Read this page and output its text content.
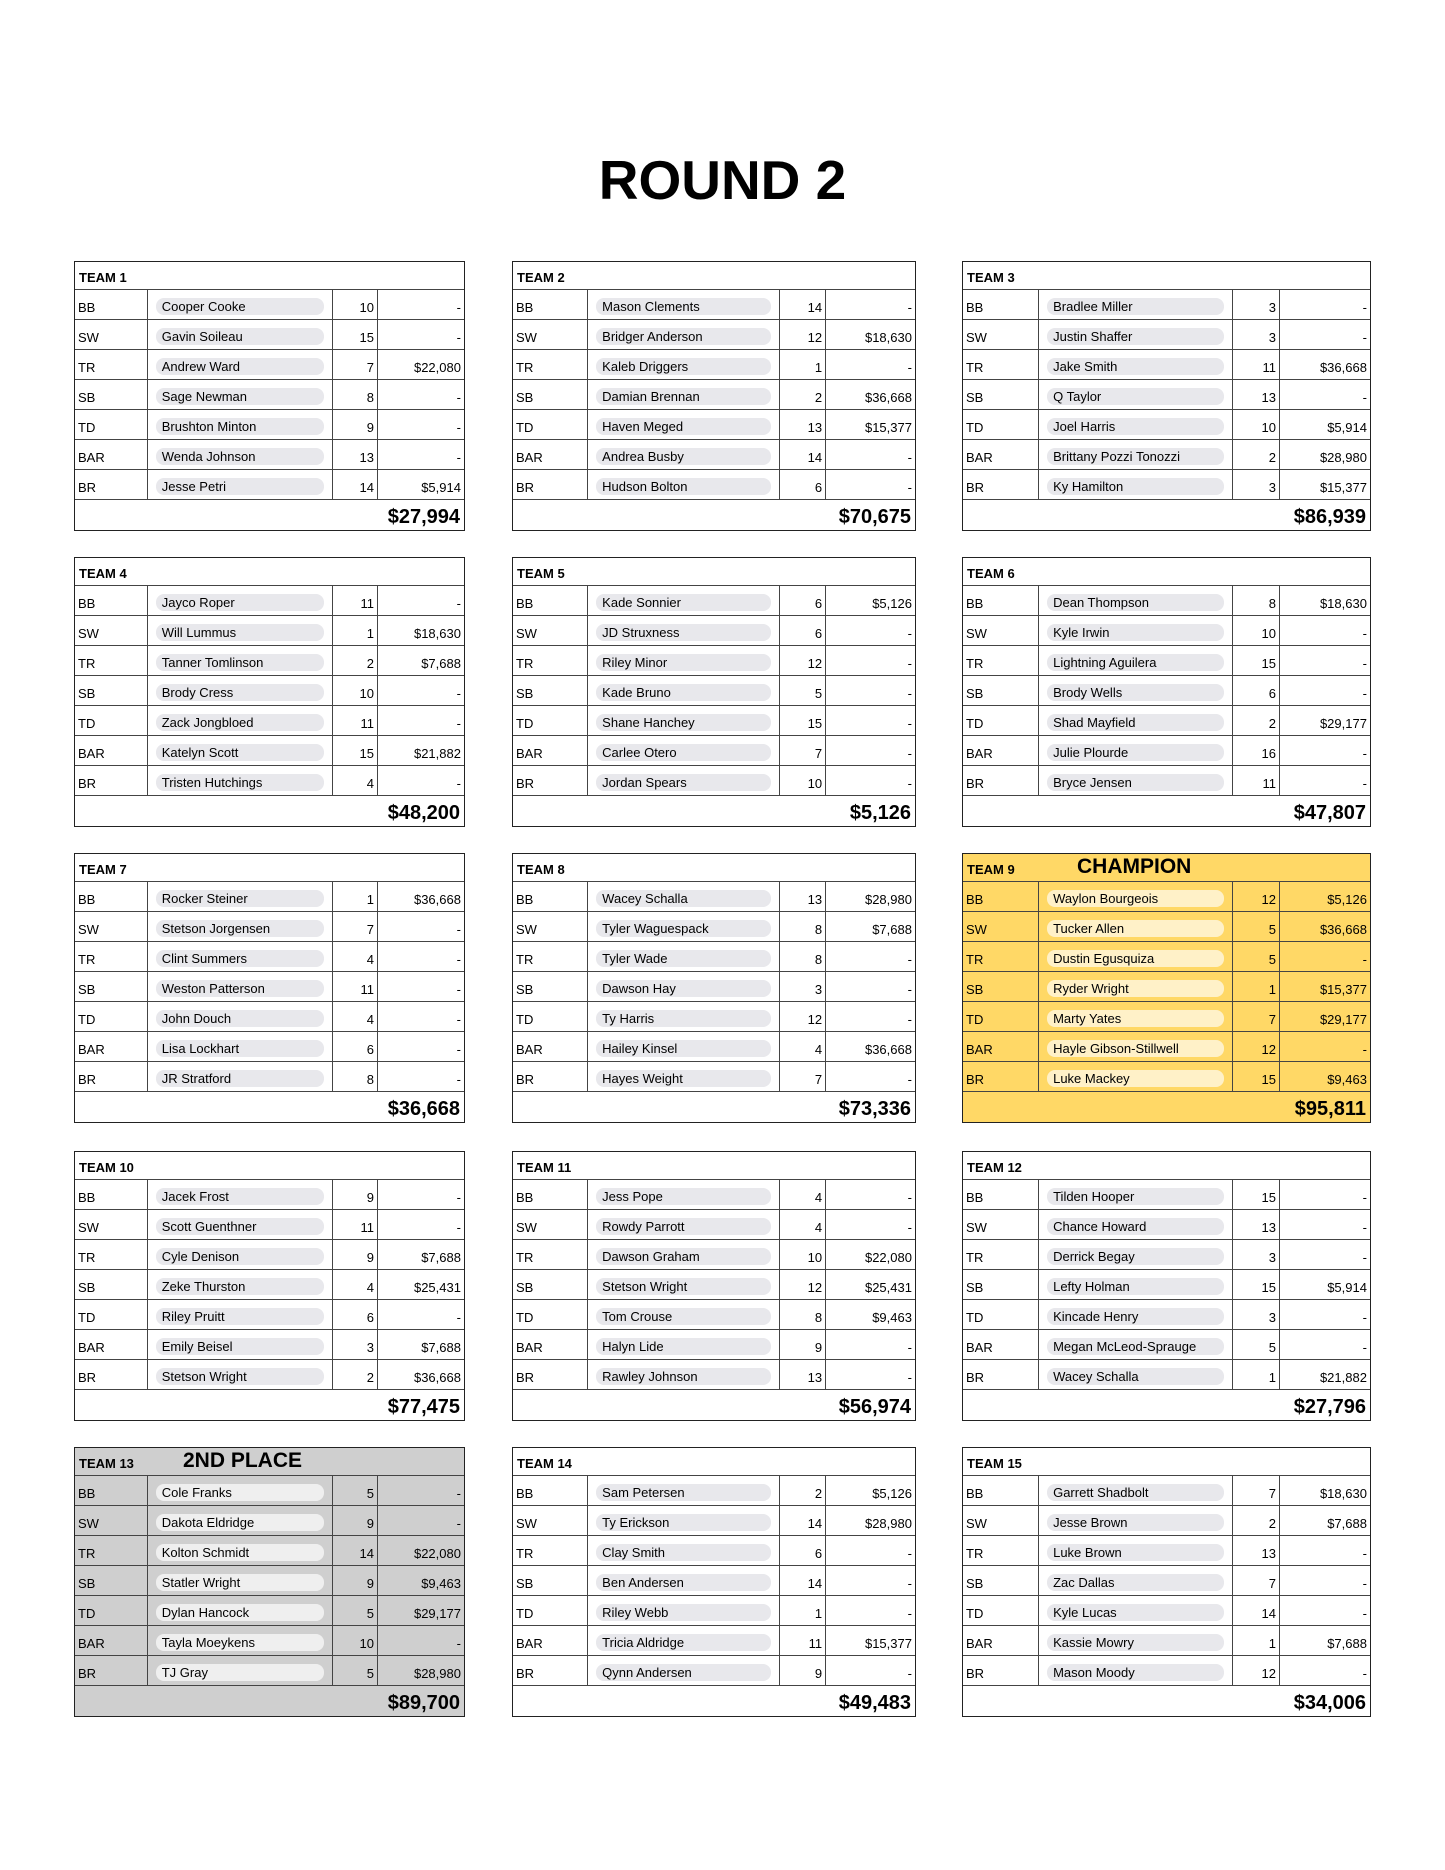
ROUND 2
TEAM 1
BB	Cooper Cooke	10	-
SW	Gavin Soileau	15	-
TR	Andrew Ward	7	$22,080
SB	Sage Newman	8	-
TD	Brushton Minton	9	-
BAR	Wenda Johnson	13	-
BR	Jesse Petri	14	$5,914
$27,994
TEAM 2
BB	Mason Clements	14	-
SW	Bridger Anderson	12	$18,630
TR	Kaleb Driggers	1	-
SB	Damian Brennan	2	$36,668
TD	Haven Meged	13	$15,377
BAR	Andrea Busby	14	-
BR	Hudson Bolton	6	-
$70,675
TEAM 3
BB	Bradlee Miller	3	-
SW	Justin Shaffer	3	-
TR	Jake Smith	11	$36,668
SB	Q Taylor	13	-
TD	Joel Harris	10	$5,914
BAR	Brittany Pozzi Tonozzi	2	$28,980
BR	Ky Hamilton	3	$15,377
$86,939
TEAM 4
BB	Jayco Roper	11	-
SW	Will Lummus	1	$18,630
TR	Tanner Tomlinson	2	$7,688
SB	Brody Cress	10	-
TD	Zack Jongbloed	11	-
BAR	Katelyn Scott	15	$21,882
BR	Tristen Hutchings	4	-
$48,200
TEAM 5
BB	Kade Sonnier	6	$5,126
SW	JD Struxness	6	-
TR	Riley Minor	12	-
SB	Kade Bruno	5	-
TD	Shane Hanchey	15	-
BAR	Carlee Otero	7	-
BR	Jordan Spears	10	-
$5,126
TEAM 6
BB	Dean Thompson	8	$18,630
SW	Kyle Irwin	10	-
TR	Lightning Aguilera	15	-
SB	Brody Wells	6	-
TD	Shad Mayfield	2	$29,177
BAR	Julie Plourde	16	-
BR	Bryce Jensen	11	-
$47,807
TEAM 7
BB	Rocker Steiner	1	$36,668
SW	Stetson Jorgensen	7	-
TR	Clint Summers	4	-
SB	Weston Patterson	11	-
TD	John Douch	4	-
BAR	Lisa Lockhart	6	-
BR	JR Stratford	8	-
$36,668
TEAM 8
BB	Wacey Schalla	13	$28,980
SW	Tyler Waguespack	8	$7,688
TR	Tyler Wade	8	-
SB	Dawson Hay	3	-
TD	Ty Harris	12	-
BAR	Hailey Kinsel	4	$36,668
BR	Hayes Weight	7	-
$73,336
TEAM 9	CHAMPION
BB	Waylon Bourgeois	12	$5,126
SW	Tucker Allen	5	$36,668
TR	Dustin Egusquiza	5	-
SB	Ryder Wright	1	$15,377
TD	Marty Yates	7	$29,177
BAR	Hayle Gibson-Stillwell	12	-
BR	Luke Mackey	15	$9,463
$95,811
TEAM 10
BB	Jacek Frost	9	-
SW	Scott Guenthner	11	-
TR	Cyle Denison	9	$7,688
SB	Zeke Thurston	4	$25,431
TD	Riley Pruitt	6	-
BAR	Emily Beisel	3	$7,688
BR	Stetson Wright	2	$36,668
$77,475
TEAM 11
BB	Jess Pope	4	-
SW	Rowdy Parrott	4	-
TR	Dawson Graham	10	$22,080
SB	Stetson Wright	12	$25,431
TD	Tom Crouse	8	$9,463
BAR	Halyn Lide	9	-
BR	Rawley Johnson	13	-
$56,974
TEAM 12
BB	Tilden Hooper	15	-
SW	Chance Howard	13	-
TR	Derrick Begay	3	-
SB	Lefty Holman	15	$5,914
TD	Kincade Henry	3	-
BAR	Megan McLeod-Sprauge	5	-
BR	Wacey Schalla	1	$21,882
$27,796
TEAM 13 2ND PLACE
BB	Cole Franks	5	-
SW	Dakota Eldridge	9	-
TR	Kolton Schmidt	14	$22,080
SB	Statler Wright	9	$9,463
TD	Dylan Hancock	5	$29,177
BAR	Tayla Moeykens	10	-
BR	TJ Gray	5	$28,980
$89,700
TEAM 14
BB	Sam Petersen	2	$5,126
SW	Ty Erickson	14	$28,980
TR	Clay Smith	6	-
SB	Ben Andersen	14	-
TD	Riley Webb	1	-
BAR	Tricia Aldridge	11	$15,377
BR	Qynn Andersen	9	-
$49,483
TEAM 15
BB	Garrett Shadbolt	7	$18,630
SW	Jesse Brown	2	$7,688
TR	Luke Brown	13	-
SB	Zac Dallas	7	-
TD	Kyle Lucas	14	-
BAR	Kassie Mowry	1	$7,688
BR	Mason Moody	12	-
$34,006
